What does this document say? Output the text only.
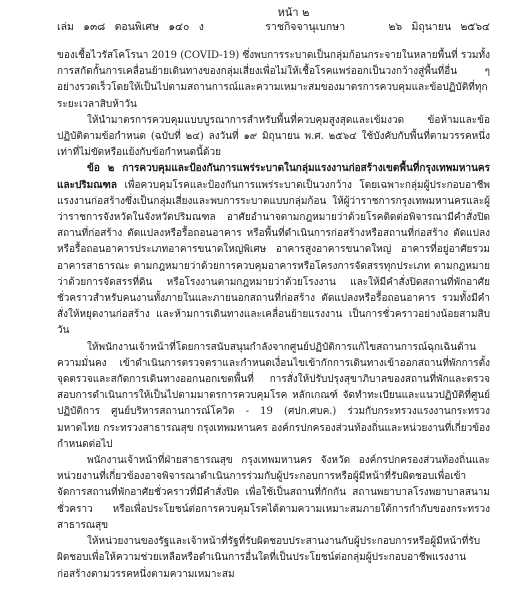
หน้า ๒
เล่ม ๑๓๘ ตอนพิเศษ ๑๔๐ ง	ราชกิจจานุเบกษา	๒๖ มิถุนายน ๒๕๖๔

ของเชื้อไวรัสโคโรนา 2019 (COVID-19) ซึ่งพบการระบาดเป็นกลุ่มก้อนกระจายในหลายพื้นที่ รวมทั้งการสกัดกั้นการเคลื่อนย้ายเดินทางของกลุ่มเสี่ยงเพื่อไม่ให้เชื้อโรคแพร่ออกเป็นวงกว้างสู่พื้นที่อื่น ๆ อย่างรวดเร็วโดยให้เป็นไปตามสถานการณ์และความเหมาะสมของมาตรการควบคุมและข้อปฏิบัติที่ทุกระยะเวลาสิบห้าวัน

ให้นำมาตรการควบคุมแบบบูรณาการสำหรับพื้นที่ควบคุมสูงสุดและเข้มงวด ข้อห้ามและข้อปฏิบัติตามข้อกำหนด (ฉบับที่ ๒๔) ลงวันที่ ๑๙ มิถุนายน พ.ศ. ๒๕๖๔ ใช้บังคับกับพื้นที่ตามวรรคหนึ่งเท่าที่ไม่ขัดหรือแย้งกับข้อกำหนดนี้ด้วย

ข้อ ๒ การควบคุมและป้องกันการแพร่ระบาดในกลุ่มแรงงานก่อสร้างเขตพื้นที่กรุงเทพมหานครและปริมณฑล เพื่อควบคุมโรคและป้องกันการแพร่ระบาดเป็นวงกว้าง โดยเฉพาะกลุ่มผู้ประกอบอาชีพแรงงานก่อสร้างซึ่งเป็นกลุ่มเสี่ยงและพบการระบาดแบบกลุ่มก้อน ให้ผู้ว่าราชการกรุงเทพมหานครและผู้ว่าราชการจังหวัดในจังหวัดปริมณฑล อาศัยอำนาจตามกฎหมายว่าด้วยโรคติดต่อพิจารณามีคำสั่งปิดสถานที่ก่อสร้าง ตัดแปลงหรือรื้อถอนอาคาร หรือพื้นที่ดำเนินการก่อสร้างหรือสถานที่ก่อสร้าง ตัดแปลงหรือรื้อถอนอาคารประเภทอาคารขนาดใหญ่พิเศษ อาคารสูงอาคารขนาดใหญ่ อาคารที่อยู่อาศัยรวม อาคารสาธารณะ ตามกฎหมายว่าด้วยการควบคุมอาคารหรือโครงการจัดสรรทุกประเภท ตามกฎหมายว่าด้วยการจัดสรรที่ดิน หรือโรงงานตามกฎหมายว่าด้วยโรงงาน และให้มีคำสั่งปิดสถานที่พักอาศัยชั่วคราวสำหรับคนงานทั้งภายในและภายนอกสถานที่ก่อสร้าง ตัดแปลงหรือรื้อถอนอาคาร รวมทั้งมีคำสั่งให้หยุดงานก่อสร้าง และห้ามการเดินทางและเคลื่อนย้ายแรงงาน เป็นการชั่วคราวอย่างน้อยสามสิบวัน

ให้พนักงานเจ้าหน้าที่โดยการสนับสนุนกำลังจากศูนย์ปฏิบัติการแก้ไขสถานการณ์ฉุกเฉินด้านความมั่นคง เข้าดำเนินการตรวจตราและกำหนดเงื่อนไขเข้ากักการเดินทางเข้าออกสถานที่พักการตั้งจุดตรวจและสกัดการเดินทางออกนอกเขตพื้นที่ การสั่งให้ปรับปรุงสุขาภิบาลของสถานที่พักและตรวจสอบการดำเนินการให้เป็นไปตามมาตรการควบคุมโรค หลักเกณฑ์ จัดทำทะเบียนและแนวปฏิบัติที่ศูนย์ปฏิบัติการ ศูนย์บริหารสถานการณ์โควิด - 19 (ศปก.ศบค.) ร่วมกับกระทรวงแรงงานกระทรวงมหาดไทย กระทรวงสาธารณสุข กรุงเทพมหานคร องค์กรปกครองส่วนท้องถิ่นและหน่วยงานที่เกี่ยวข้องกำหนดต่อไป

พนักงานเจ้าหน้าที่ฝ่ายสาธารณสุข กรุงเทพมหานคร จังหวัด องค์กรปกครองส่วนท้องถิ่นและหน่วยงานที่เกี่ยวข้องอาจพิจารณาดำเนินการร่วมกับผู้ประกอบการหรือผู้มีหน้าที่รับผิดชอบเพื่อเข้าจัดการสถานที่พักอาศัยชั่วคราวที่มีคำสั่งปิด เพื่อใช้เป็นสถานที่กักกัน สถานพยาบาลโรงพยาบาลสนามชั่วคราว หรือเพื่อประโยชน์ต่อการควบคุมโรคได้ตามความเหมาะสมภายใต้การกำกับของกระทรวงสาธารณสุข

ให้หน่วยงานของรัฐและเจ้าหน้าที่รัฐที่รับผิดชอบประสานงานกับผู้ประกอบการหรือผู้มีหน้าที่รับผิดชอบเพื่อให้ความช่วยเหลือหรือดำเนินการอื่นใดที่เป็นประโยชน์ต่อกลุ่มผู้ประกอบอาชีพแรงงานก่อสร้างตามวรรคหนึ่งตามความเหมาะสม
